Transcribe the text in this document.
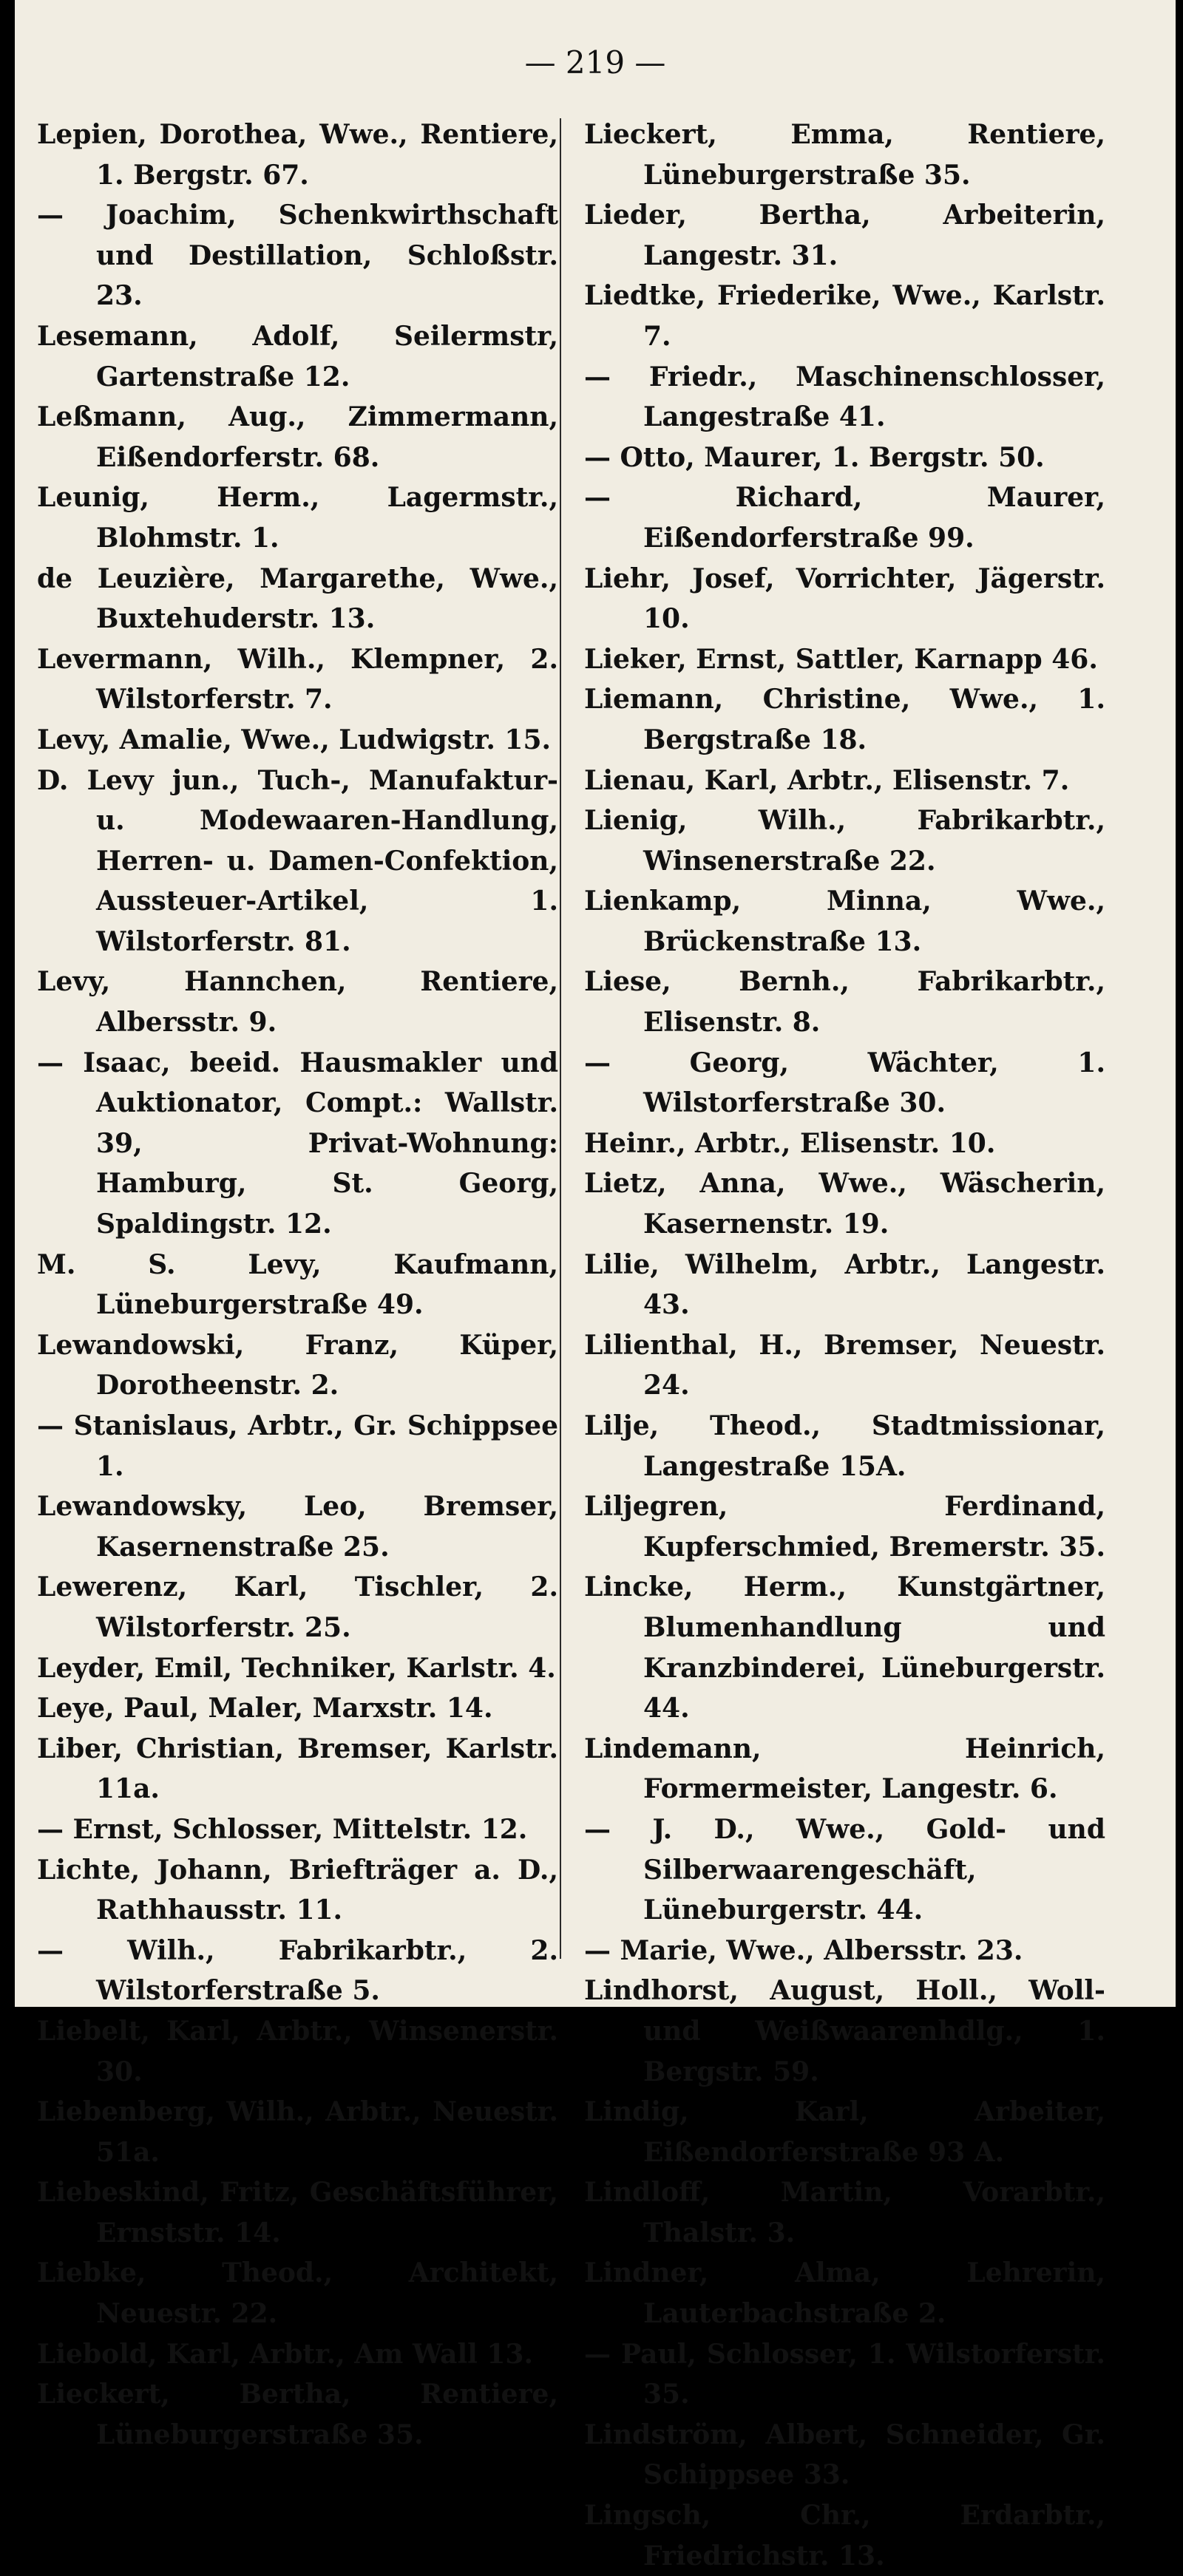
— 219 —
Lepien, Dorothea, Wwe., Rentiere, 1. Bergstr. 67.
— Joachim, Schenkwirthschaft und Destillation, Schloßstr. 23.
Lesemann, Adolf, Seilermstr, Gartenstraße 12.
Leßmann, Aug., Zimmermann, Eißendorferstr. 68.
Leunig, Herm., Lagermstr., Blohmstr. 1.
de Leuzière, Margarethe, Wwe., Buxtehuderstr. 13.
Levermann, Wilh., Klempner, 2. Wilstorferstr. 7.
Levy, Amalie, Wwe., Ludwigstr. 15.
D. Levy jun., Tuch-, Manufaktur- u. Modewaaren-Handlung, Herren- u. Damen-Confektion, Aussteuer-Artikel, 1. Wilstorferstr. 81.
Levy, Hannchen, Rentiere, Albersstr. 9.
— Isaac, beeid. Hausmakler und Auktionator, Compt.: Wallstr. 39, Privat-Wohnung: Hamburg, St. Georg, Spaldingstr. 12.
M. S. Levy, Kaufmann, Lüneburgerstraße 49.
Lewandowski, Franz, Küper, Dorotheenstr. 2.
— Stanislaus, Arbtr., Gr. Schippsee 1.
Lewandowsky, Leo, Bremser, Kasernenstraße 25.
Lewerenz, Karl, Tischler, 2. Wilstorferstr. 25.
Leyder, Emil, Techniker, Karlstr. 4.
Leye, Paul, Maler, Marxstr. 14.
Liber, Christian, Bremser, Karlstr. 11a.
— Ernst, Schlosser, Mittelstr. 12.
Lichte, Johann, Briefträger a. D., Rathhausstr. 11.
— Wilh., Fabrikarbtr., 2. Wilstorferstraße 5.
Liebelt, Karl, Arbtr., Winsenerstr. 30.
Liebenberg, Wilh., Arbtr., Neuestr. 51a.
Liebeskind, Fritz, Geschäftsführer, Ernststr. 14.
Liebke, Theod., Architekt, Neuestr. 22.
Liebold, Karl, Arbtr., Am Wall 13.
Lieckert, Bertha, Rentiere, Lüneburgerstraße 35.
Lieckert, Emma, Rentiere, Lüneburgerstraße 35.
Lieder, Bertha, Arbeiterin, Langestr. 31.
Liedtke, Friederike, Wwe., Karlstr. 7.
— Friedr., Maschinenschlosser, Langestraße 41.
— Otto, Maurer, 1. Bergstr. 50.
— Richard, Maurer, Eißendorferstraße 99.
Liehr, Josef, Vorrichter, Jägerstr. 10.
Lieker, Ernst, Sattler, Karnapp 46.
Liemann, Christine, Wwe., 1. Bergstraße 18.
Lienau, Karl, Arbtr., Elisenstr. 7.
Lienig, Wilh., Fabrikarbtr., Winsenerstraße 22.
Lienkamp, Minna, Wwe., Brückenstraße 13.
Liese, Bernh., Fabrikarbtr., Elisenstr. 8.
— Georg, Wächter, 1. Wilstorferstraße 30.
Heinr., Arbtr., Elisenstr. 10.
Lietz, Anna, Wwe., Wäscherin, Kasernenstr. 19.
Lilie, Wilhelm, Arbtr., Langestr. 43.
Lilienthal, H., Bremser, Neuestr. 24.
Lilje, Theod., Stadtmissionar, Langestraße 15A.
Liljegren, Ferdinand, Kupferschmied, Bremerstr. 35.
Lincke, Herm., Kunstgärtner, Blumenhandlung und Kranzbinderei, Lüneburgerstr. 44.
Lindemann, Heinrich, Formermeister, Langestr. 6.
— J. D., Wwe., Gold- und Silberwaarengeschäft, Lüneburgerstr. 44.
— Marie, Wwe., Albersstr. 23.
Lindhorst, August, Holl., Woll- und Weißwaarenhdlg., 1. Bergstr. 59.
Lindig, Karl, Arbeiter, Eißendorferstraße 93 A.
Lindloff, Martin, Vorarbtr., Thalstr. 3.
Lindner, Alma, Lehrerin, Lauterbachstraße 2.
— Paul, Schlosser, 1. Wilstorferstr. 35.
Lindström, Albert, Schneider, Gr. Schippsee 33.
Lingsch, Chr., Erdarbtr., Friedrichstr. 13.
